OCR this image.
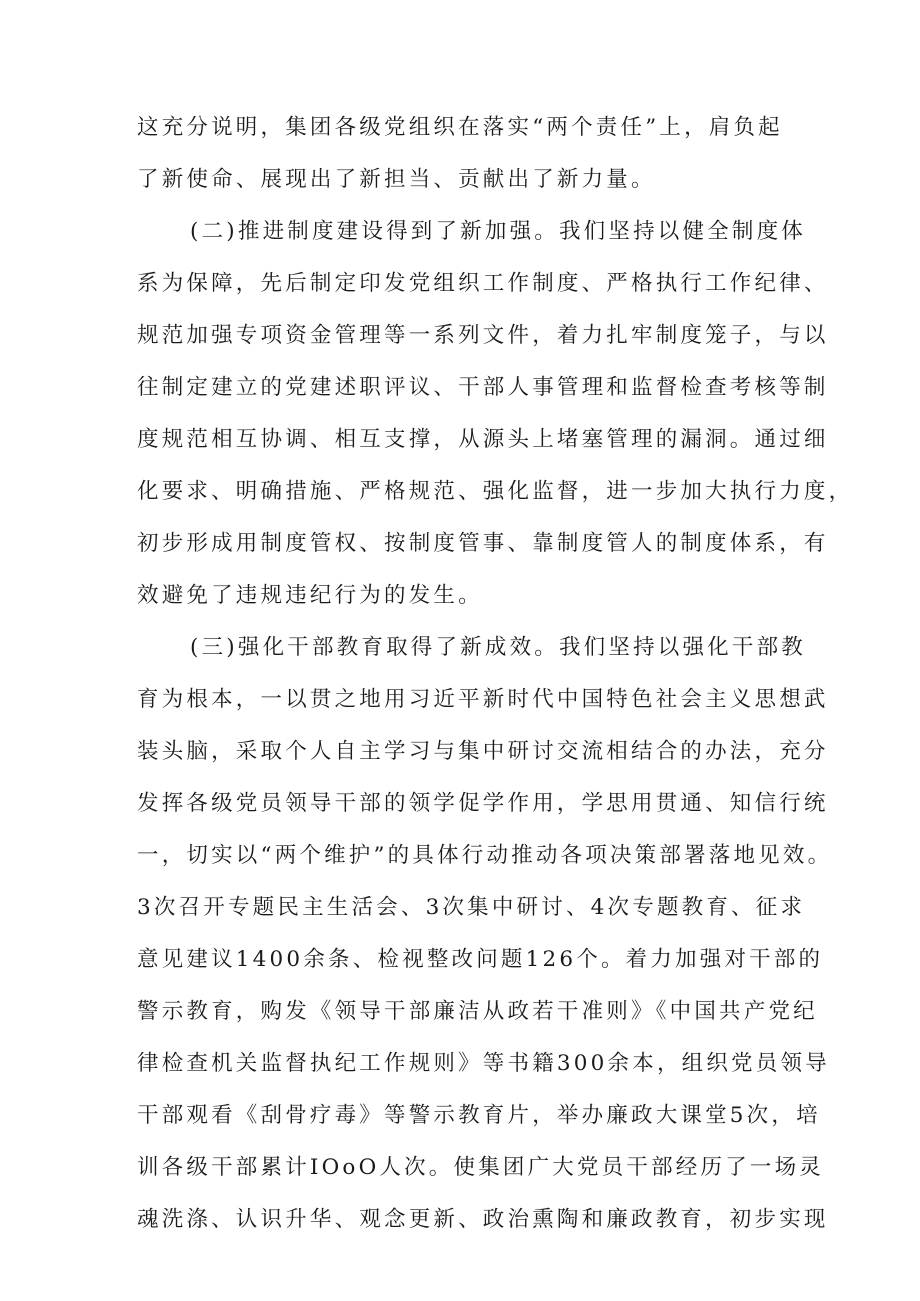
这充分说明，集团各级党组织在落实“两个责任”上，肩负起
了新使命、展现出了新担当、贡献出了新力量。
(二)推进制度建设得到了新加强。我们坚持以健全制度体
系为保障，先后制定印发党组织工作制度、严格执行工作纪律、
规范加强专项资金管理等一系列文件，着力扎牢制度笼子，与以
往制定建立的党建述职评议、干部人事管理和监督检查考核等制
度规范相互协调、相互支撑，从源头上堵塞管理的漏洞。通过细
化要求、明确措施、严格规范、强化监督，进一步加大执行力度，
初步形成用制度管权、按制度管事、靠制度管人的制度体系，有
效避免了违规违纪行为的发生。
(三)强化干部教育取得了新成效。我们坚持以强化干部教
育为根本，一以贯之地用习近平新时代中国特色社会主义思想武
装头脑，采取个人自主学习与集中研讨交流相结合的办法，充分
发挥各级党员领导干部的领学促学作用，学思用贯通、知信行统
一，切实以“两个维护”的具体行动推动各项决策部署落地见效。
3次召开专题民主生活会、3次集中研讨、4次专题教育、征求
意见建议1400余条、检视整改问题126个。着力加强对干部的
警示教育，购发《领导干部廉洁从政若干准则》《中国共产党纪
律检查机关监督执纪工作规则》等书籍300余本，组织党员领导
干部观看《刮骨疗毒》等警示教育片，举办廉政大课堂5次，培
训各级干部累计IOoO人次。使集团广大党员干部经历了一场灵
魂洗涤、认识升华、观念更新、政治熏陶和廉政教育，初步实现
